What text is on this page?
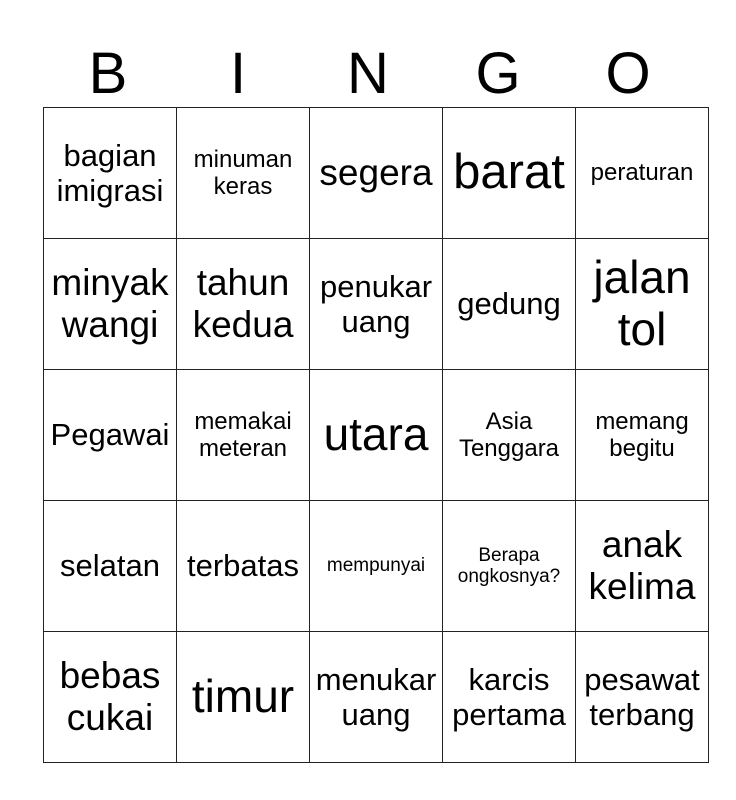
B	I	N	G	O
bagian imigrasi	minuman keras	segera	barat	peraturan

minyak wangi	tahun kedua	penukar uang	gedung	jalan tol

Pegawai	memakai meteran	utara	Asia Tenggara	memang begitu

selatan	terbatas	mempunyai	Berapa ongkosnya?	anak kelima

bebas cukai	timur	menukar uang	karcis pertama	pesawat terbang
